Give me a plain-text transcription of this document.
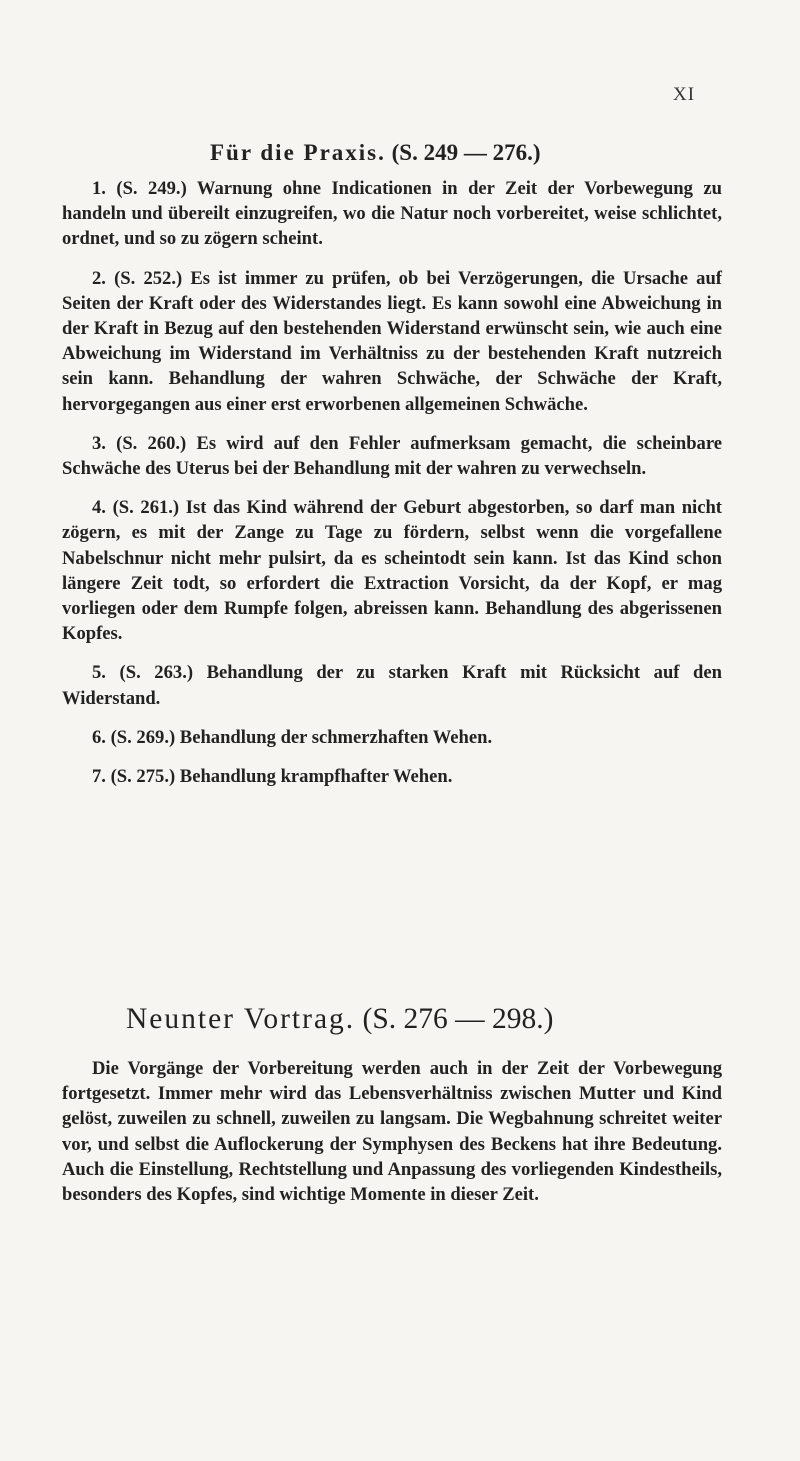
XI
Für die Praxis. (S. 249 — 276.)

1. (S. 249.) Warnung ohne Indicationen in der Zeit der Vorbewegung zu handeln und übereilt einzugreifen, wo die Natur noch vorbereitet, weise schlichtet, ordnet, und so zu zögern scheint.

2. (S. 252.) Es ist immer zu prüfen, ob bei Verzögerungen, die Ursache auf Seiten der Kraft oder des Widerstandes liegt. Es kann sowohl eine Abweichung in der Kraft in Bezug auf den bestehenden Widerstand erwünscht sein, wie auch eine Abweichung im Widerstand im Verhältniss zu der bestehenden Kraft nutzreich sein kann. Behandlung der wahren Schwäche, der Schwäche der Kraft, hervorgegangen aus einer erst erworbenen allgemeinen Schwäche.

3. (S. 260.) Es wird auf den Fehler aufmerksam gemacht, die scheinbare Schwäche des Uterus bei der Behandlung mit der wahren zu verwechseln.

4. (S. 261.) Ist das Kind während der Geburt abgestorben, so darf man nicht zögern, es mit der Zange zu Tage zu fördern, selbst wenn die vorgefallene Nabelschnur nicht mehr pulsirt, da es scheintodt sein kann. Ist das Kind schon längere Zeit todt, so erfordert die Extraction Vorsicht, da der Kopf, er mag vorliegen oder dem Rumpfe folgen, abreissen kann. Behandlung des abgerissenen Kopfes.

5. (S. 263.) Behandlung der zu starken Kraft mit Rücksicht auf den Widerstand.

6. (S. 269.) Behandlung der schmerzhaften Wehen.

7. (S. 275.) Behandlung krampfhafter Wehen.

Neunter Vortrag. (S. 276 — 298.)

Die Vorgänge der Vorbereitung werden auch in der Zeit der Vorbewegung fortgesetzt. Immer mehr wird das Lebensverhältniss zwischen Mutter und Kind gelöst, zuweilen zu schnell, zuweilen zu langsam. Die Wegbahnung schreitet weiter vor, und selbst die Auflockerung der Symphysen des Beckens hat ihre Bedeutung. Auch die Einstellung, Rechtstellung und Anpassung des vorliegenden Kindestheils, besonders des Kopfes, sind wichtige Momente in dieser Zeit.
